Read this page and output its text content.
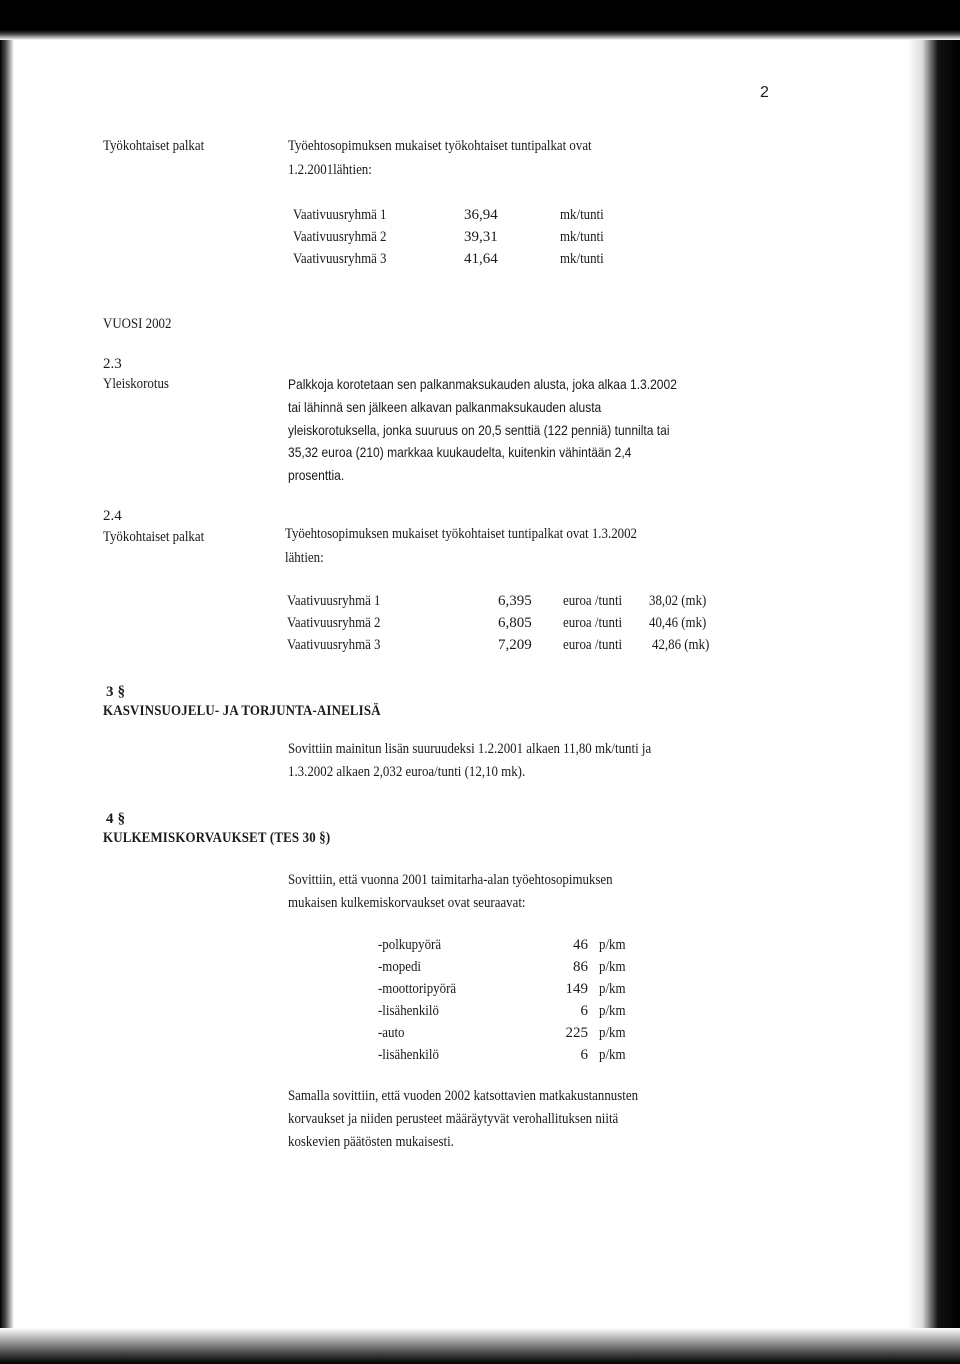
2
Työkohtaiset palkat	Työehtosopimuksen mukaiset työkohtaiset tuntipalkat ovat
1.2.2001lähtien:
Vaativuusryhmä 1	36,94	mk/tunti
Vaativuusryhmä 2	39,31	mk/tunti
Vaativuusryhmä 3	41,64	mk/tunti
VUOSI 2002
2.3
Yleiskorotus	Palkkoja korotetaan sen palkanmaksukauden alusta, joka alkaa 1.3.2002
tai lähinnä sen jälkeen alkavan palkanmaksukauden alusta
yleiskorotuksella, jonka suuruus on 20,5 senttiä (122 penniä) tunnilta tai
35,32 euroa (210) markkaa kuukaudelta, kuitenkin vähintään 2,4
prosenttia.
2.4
Työkohtaiset palkat	Työehtosopimuksen mukaiset työkohtaiset tuntipalkat ovat 1.3.2002
lähtien:
Vaativuusryhmä 1	6,395 euroa /tunti	38,02 (mk)
Vaativuusryhmä 2	6,805 euroa /tunti	40,46 (mk)
Vaativuusryhmä 3	7,209 euroa /tunti	42,86 (mk)
3 §
KASVINSUOJELU- JA TORJUNTA-AINELISÄ
Sovittiin mainitun lisän suuruudeksi 1.2.2001 alkaen 11,80 mk/tunti ja
1.3.2002 alkaen 2,032 euroa/tunti (12,10 mk).
4 §
KULKEMISKORVAUKSET (TES 30 §)
Sovittiin, että vuonna 2001 taimitarha-alan työehtosopimuksen
mukaisen kulkemiskorvaukset ovat seuraavat:
-polkupyörä	46 p/km
-mopedi	86 p/km
-moottoripyörä	149 p/km
-lisähenkilö	6 p/km
-auto	225 p/km
-lisähenkilö	6 p/km
Samalla sovittiin, että vuoden 2002 katsottavien matkakustannusten
korvaukset ja niiden perusteet määräytyvät verohallituksen niitä
koskevien päätösten mukaisesti.
